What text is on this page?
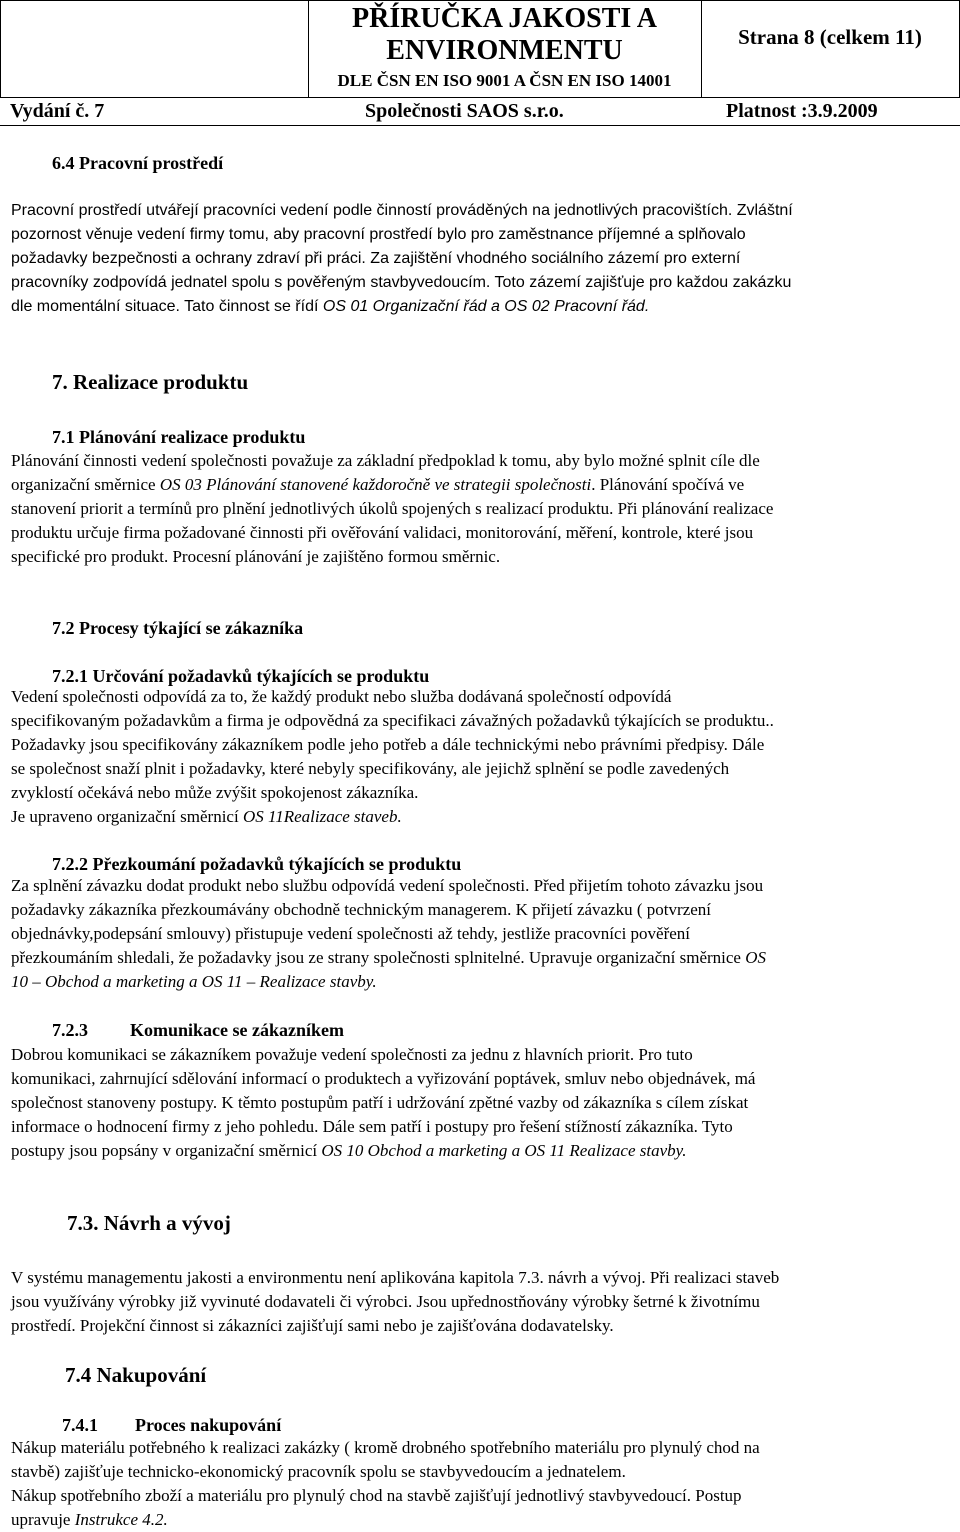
PŘÍRUČKA JAKOSTI A
ENVIRONMENTU
DLE ČSN EN ISO 9001 A ČSN EN ISO 14001
Strana 8 (celkem 11)
Vydání č. 7	Společnosti SAOS s.r.o.	Platnost :3.9.2009
6.4 Pracovní prostředí
Pracovní prostředí utvářejí pracovníci vedení podle činností prováděných na jednotlivých pracovištích. Zvláštní
pozornost věnuje vedení firmy tomu, aby pracovní prostředí bylo pro zaměstnance příjemné a splňovalo
požadavky bezpečnosti a ochrany zdraví při práci. Za zajištění vhodného sociálního zázemí pro externí
pracovníky zodpovídá jednatel spolu s pověřeným stavbyvedoucím. Toto zázemí zajišťuje pro každou zakázku
dle momentální situace. Tato činnost se řídí OS 01 Organizační řád a OS 02 Pracovní řád.
7. Realizace produktu
7.1 Plánování realizace produktu
Plánování činnosti vedení společnosti považuje za základní předpoklad k tomu, aby bylo možné splnit cíle dle
organizační směrnice OS 03 Plánování stanovené každoročně ve strategii společnosti. Plánování spočívá ve
stanovení priorit a termínů pro plnění jednotlivých úkolů spojených s realizací produktu. Při plánování realizace
produktu určuje firma požadované činnosti při ověřování validaci, monitorování, měření, kontrole, které jsou
specifické pro produkt. Procesní plánování je zajištěno formou směrnic.
7.2 Procesy týkající se zákazníka
7.2.1 Určování požadavků týkajících se produktu
Vedení společnosti odpovídá za to, že každý produkt nebo služba dodávaná společností odpovídá
specifikovaným požadavkům a firma je odpovědná za specifikaci závažných požadavků týkajících se produktu..
Požadavky jsou specifikovány zákazníkem podle jeho potřeb a dále technickými nebo právními předpisy. Dále
se společnost snaží plnit i požadavky, které nebyly specifikovány, ale jejichž splnění se podle zavedených
zvyklostí očekává nebo může zvýšit spokojenost zákazníka.
Je upraveno organizační směrnicí OS 11Realizace staveb.
7.2.2 Přezkoumání požadavků týkajících se produktu
Za splnění závazku dodat produkt nebo službu odpovídá vedení společnosti. Před přijetím tohoto závazku jsou
požadavky zákazníka přezkoumávány obchodně technickým managerem. K přijetí závazku ( potvrzení
objednávky,podepsání smlouvy) přistupuje vedení společnosti až tehdy, jestliže pracovníci pověření
přezkoumáním shledali, že požadavky jsou ze strany společnosti splnitelné. Upravuje organizační směrnice OS
10 – Obchod a marketing a OS 11 – Realizace stavby.
7.2.3 Komunikace se zákazníkem
Dobrou komunikaci se zákazníkem považuje vedení společnosti za jednu z hlavních priorit. Pro tuto
komunikaci, zahrnující sdělování informací o produktech a vyřizování poptávek, smluv nebo objednávek, má
společnost stanoveny postupy. K těmto postupům patří i udržování zpětné vazby od zákazníka s cílem získat
informace o hodnocení firmy z jeho pohledu. Dále sem patří i postupy pro řešení stížností zákazníka. Tyto
postupy jsou popsány v organizační směrnicí OS 10 Obchod a marketing a OS 11 Realizace stavby.
7.3. Návrh a vývoj
V systému managementu jakosti a environmentu není aplikována kapitola 7.3. návrh a vývoj. Při realizaci staveb
jsou využívány výrobky již vyvinuté dodavateli či výrobci. Jsou upřednostňovány výrobky šetrné k životnímu
prostředí. Projekční činnost si zákazníci zajišťují sami nebo je zajišťována dodavatelsky.
7.4 Nakupování
7.4.1 Proces nakupování
Nákup materiálu potřebného k realizaci zakázky ( kromě drobného spotřebního materiálu pro plynulý chod na
stavbě) zajišťuje technicko-ekonomický pracovník spolu se stavbyvedoucím a jednatelem.
Nákup spotřebního zboží a materiálu pro plynulý chod na stavbě zajišťují jednotlivý stavbyvedoucí. Postup
upravuje Instrukce 4.2.
